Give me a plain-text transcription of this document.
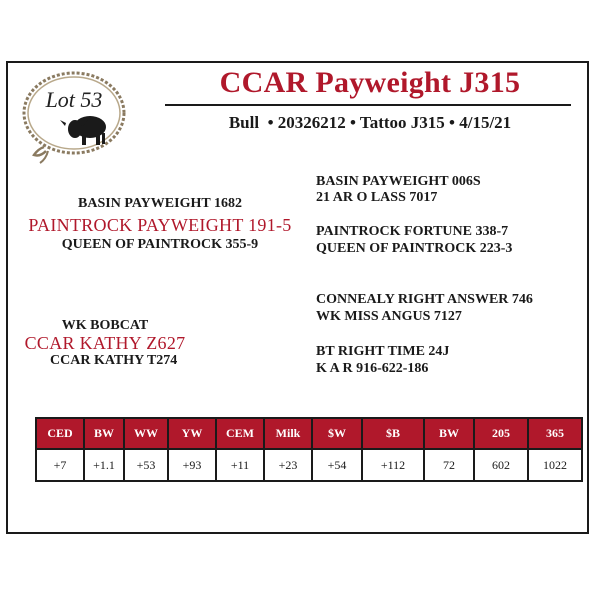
Lot 53
CCAR Payweight J315
Bull  • 20326212 • Tattoo J315 • 4/15/21
BASIN PAYWEIGHT 1682
PAINTROCK PAYWEIGHT 191-5
QUEEN OF PAINTROCK 355-9
BASIN PAYWEIGHT 006S
21 AR O LASS 7017
PAINTROCK FORTUNE 338-7
QUEEN OF PAINTROCK 223-3
WK BOBCAT
CCAR KATHY Z627
CCAR KATHY T274
CONNEALY RIGHT ANSWER 746
WK MISS ANGUS 7127
BT RIGHT TIME 24J
K A R 916-622-186
CED	BW	WW	YW	CEM	Milk	$W	$B	BW	205	365
+7	+1.1	+53	+93	+11	+23	+54	+112	72	602	1022
